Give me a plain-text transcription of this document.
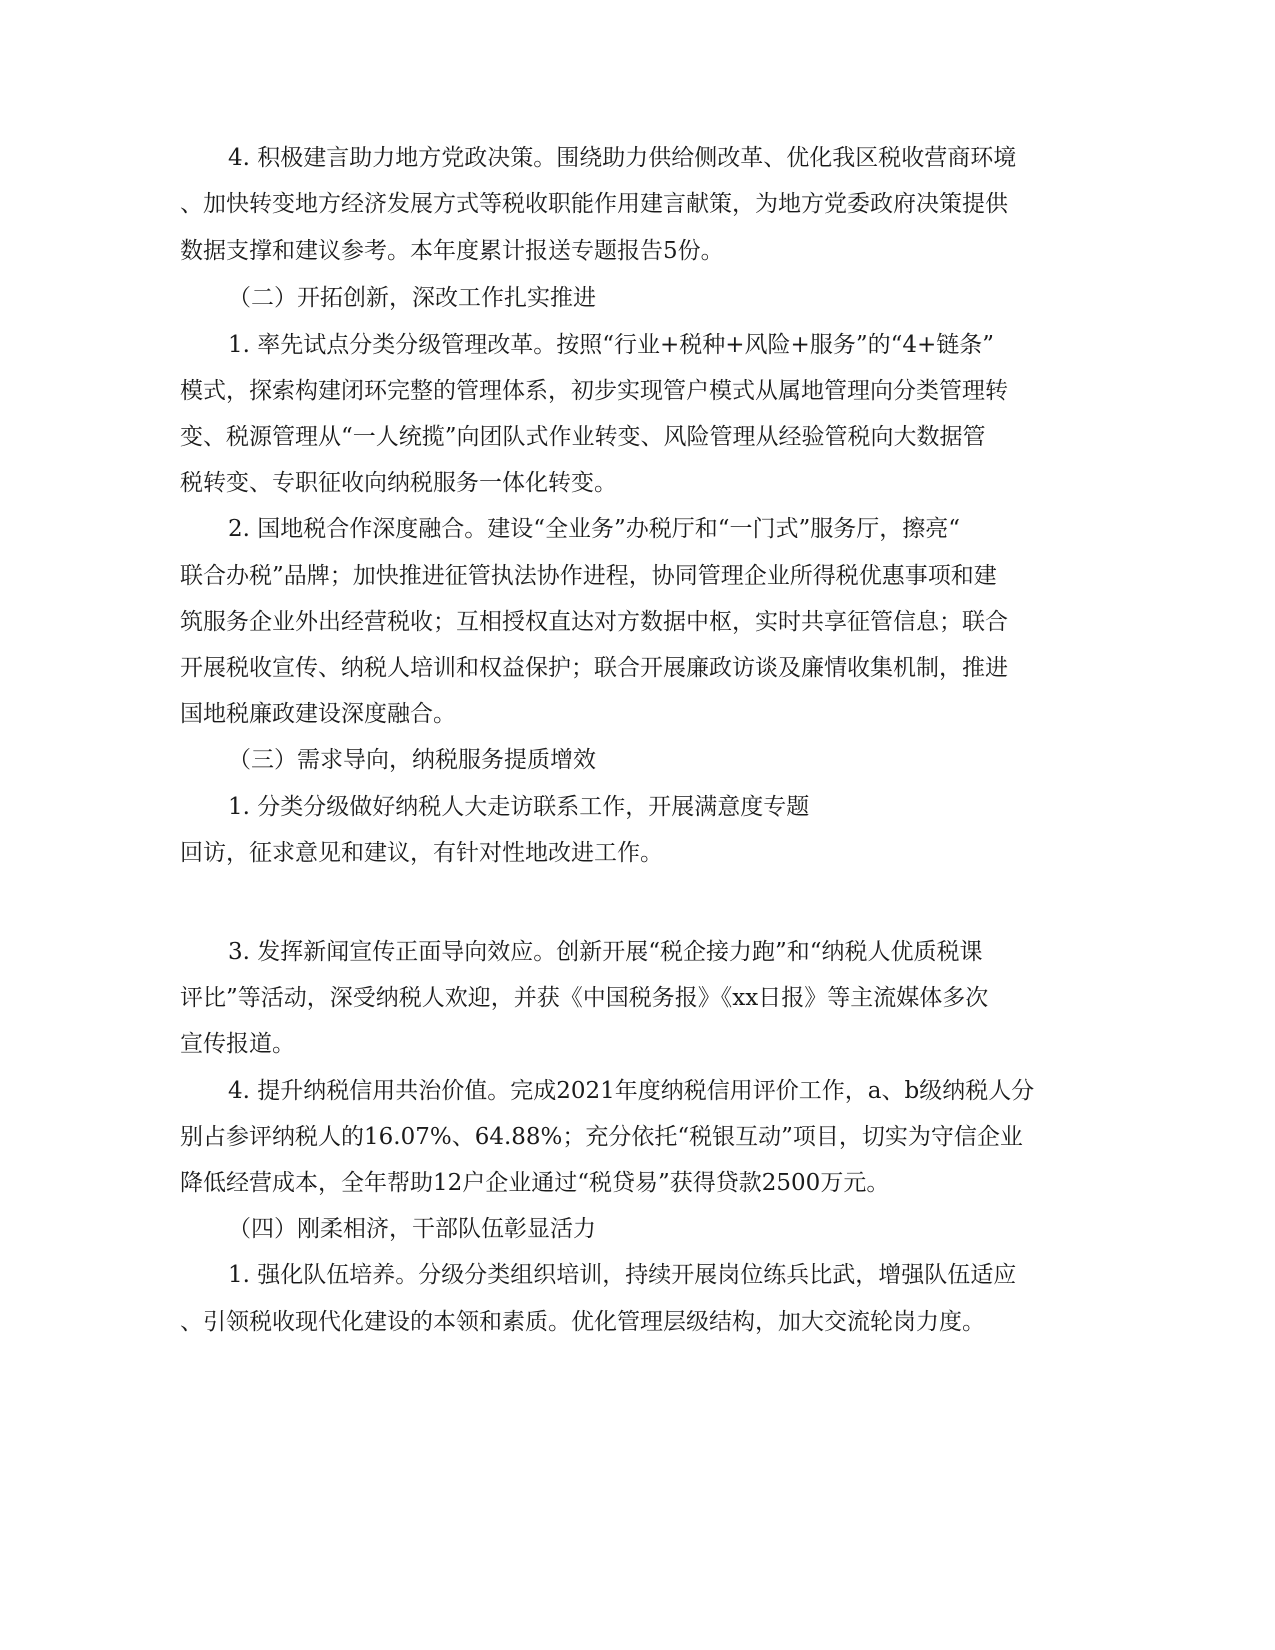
4. 积极建言助力地方党政决策。围绕助力供给侧改革、优化我区税收营商环境
、加快转变地方经济发展方式等税收职能作用建言献策，为地方党委政府决策提供
数据支撑和建议参考。本年度累计报送专题报告5份。
（二）开拓创新，深改工作扎实推进
1. 率先试点分类分级管理改革。按照“行业+税种+风险+服务”的“4+链条”
模式，探索构建闭环完整的管理体系，初步实现管户模式从属地管理向分类管理转
变、税源管理从“一人统揽”向团队式作业转变、风险管理从经验管税向大数据管
税转变、专职征收向纳税服务一体化转变。
2. 国地税合作深度融合。建设“全业务”办税厅和“一门式”服务厅，擦亮“
联合办税”品牌；加快推进征管执法协作进程，协同管理企业所得税优惠事项和建
筑服务企业外出经营税收；互相授权直达对方数据中枢，实时共享征管信息；联合
开展税收宣传、纳税人培训和权益保护；联合开展廉政访谈及廉情收集机制，推进
国地税廉政建设深度融合。
（三）需求导向，纳税服务提质增效
1. 分类分级做好纳税人大走访联系工作，开展满意度专题
回访，征求意见和建议，有针对性地改进工作。
3. 发挥新闻宣传正面导向效应。创新开展“税企接力跑”和“纳税人优质税课
评比”等活动，深受纳税人欢迎，并获《中国税务报》《xx日报》等主流媒体多次
宣传报道。
4. 提升纳税信用共治价值。完成2021年度纳税信用评价工作，a、b级纳税人分
别占参评纳税人的16.07%、64.88%；充分依托“税银互动”项目，切实为守信企业
降低经营成本，全年帮助12户企业通过“税贷易”获得贷款2500万元。
（四）刚柔相济，干部队伍彰显活力
1. 强化队伍培养。分级分类组织培训，持续开展岗位练兵比武，增强队伍适应
、引领税收现代化建设的本领和素质。优化管理层级结构，加大交流轮岗力度。
